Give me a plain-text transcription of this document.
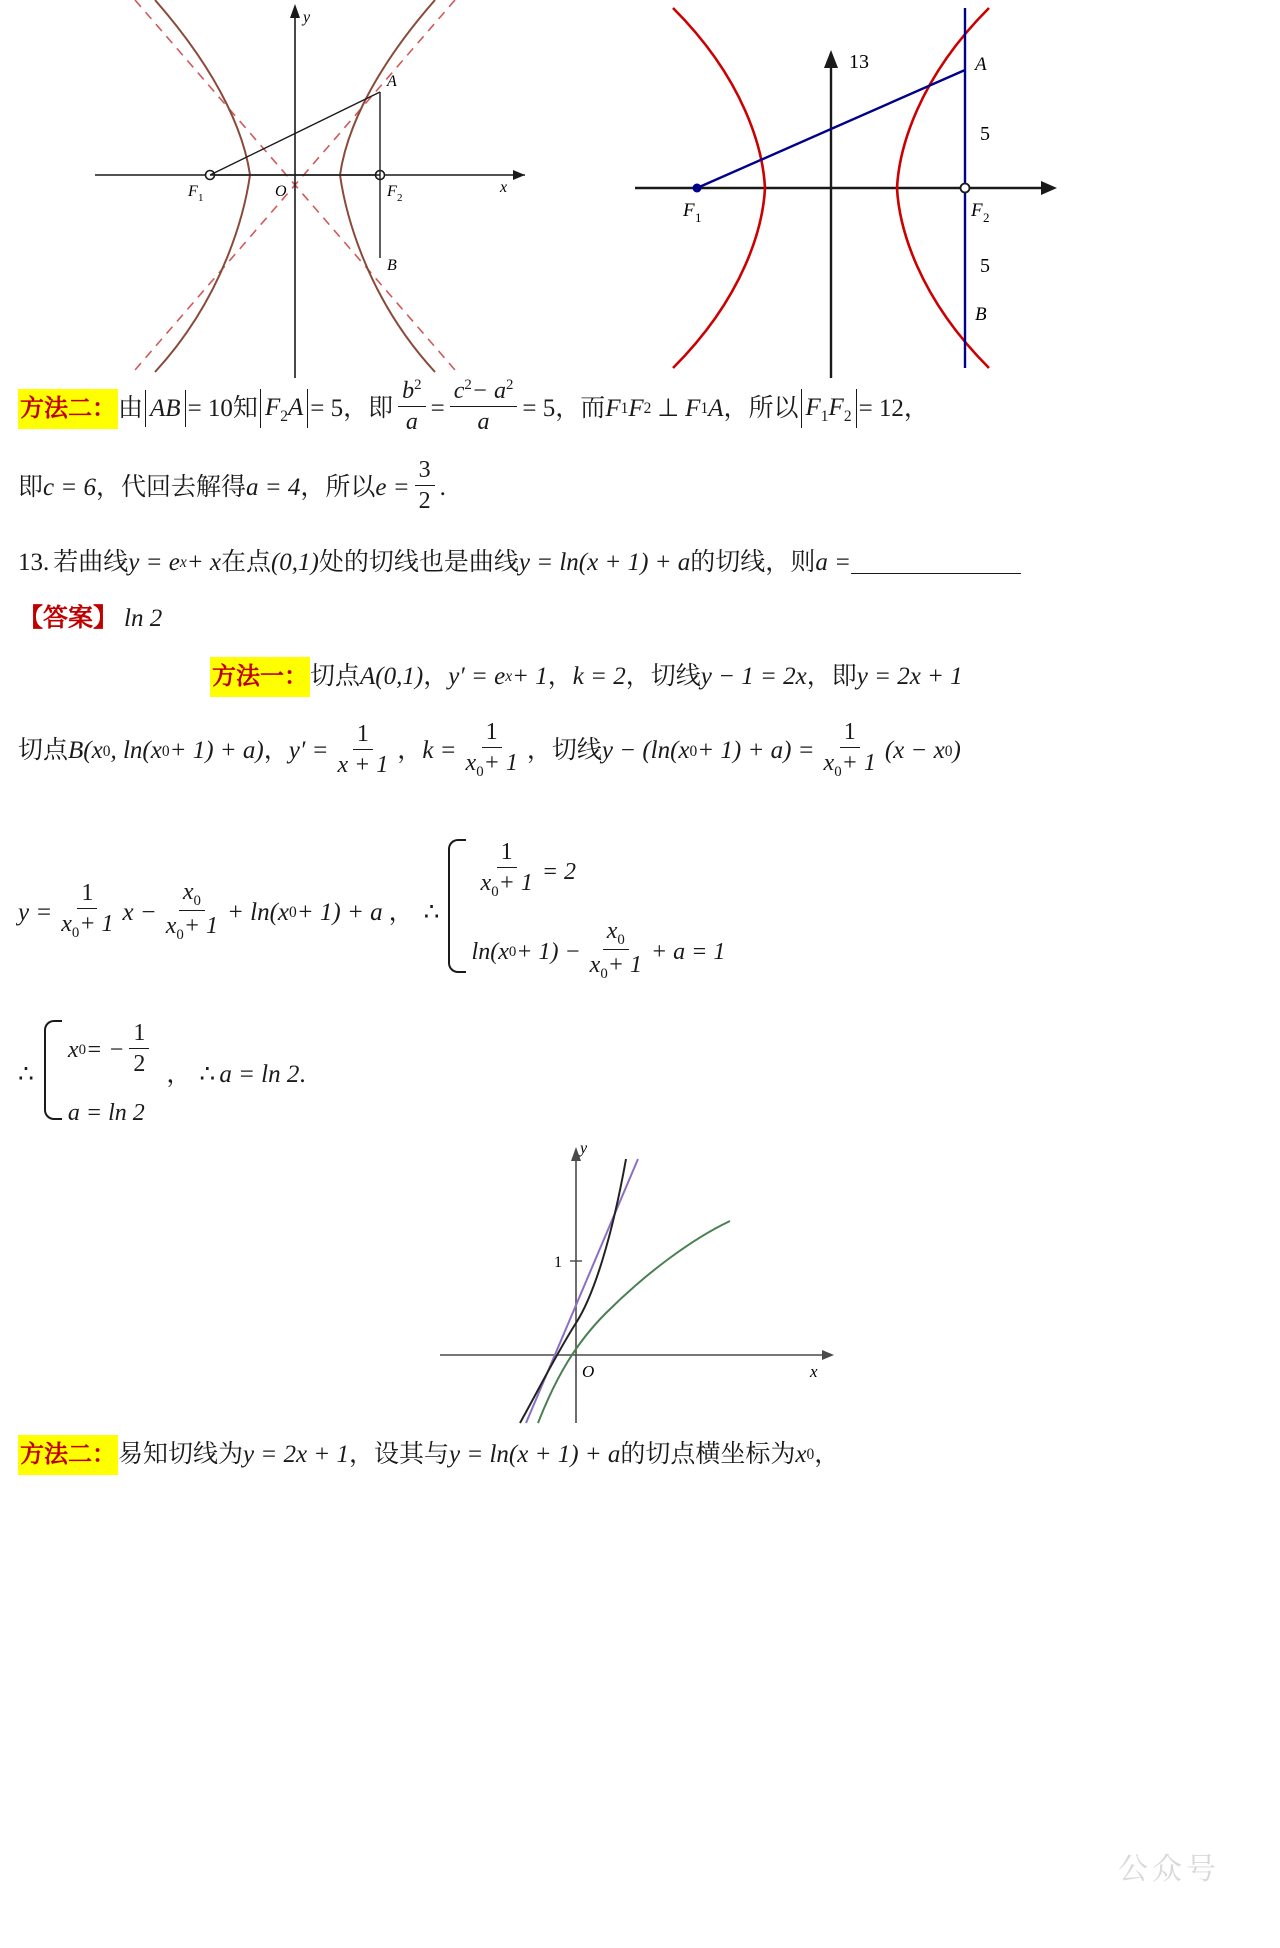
F 1	O	F 2
A
B
x
y
13	A
5
5
B
F 1	F 2
方法二： 由 AB = 10 知 $F_2A = 5$ ， 即 $\frac{b^2}{a} = \frac{c^2- a^2}{a} = 5$ ， 而 F 1 F 2 ⊥ F 1 A ， 所以 $F_1F_2 = 12$ ，
即 c = 6 ， 代回去解得 a = 4 ， 所以 $e = \frac{3}{2}$ .
13 . 若曲线 y = e x + x 在点 (0,1) 处的切线也是曲线 y = ln(x + 1) + a 的切线 ， 则 a =
【答案】 ln 2
方法一： 切点 A(0,1) ， y′ = e x + 1 ， k = 2 ， 切线 y − 1 = 2x ， 即 y = 2x + 1
切点 B(x 0 , ln(x 0 + 1) + a) ， $y' = \frac{1}{x + 1}$ ， $k = \frac{1}{x_0+ 1}$ ， 切线 y − (ln(x $0 + 1) + a) = \frac{1}{x_0+ 1} (x - x$ 0 )
$y = \frac{1}{x_0+ 1}$ $x - \frac{x_0}{x_0+ 1} + \ln(x$ 0 + 1) + a ， ∴
$\frac{1}{x_0+ 1} = 2$
ln(x $0 + 1) - \frac{x_0}{x_0+ 1} + a = 1$
∴
x 0 = − $\frac{1}{2}$
a = ln 2
， ∴ a = ln 2 .
1
y
x
O
方法二： 易知切线为 y = 2x + 1 ， 设其与 y = ln(x + 1) + a 的切点横坐标为 x 0 ，
公众号
